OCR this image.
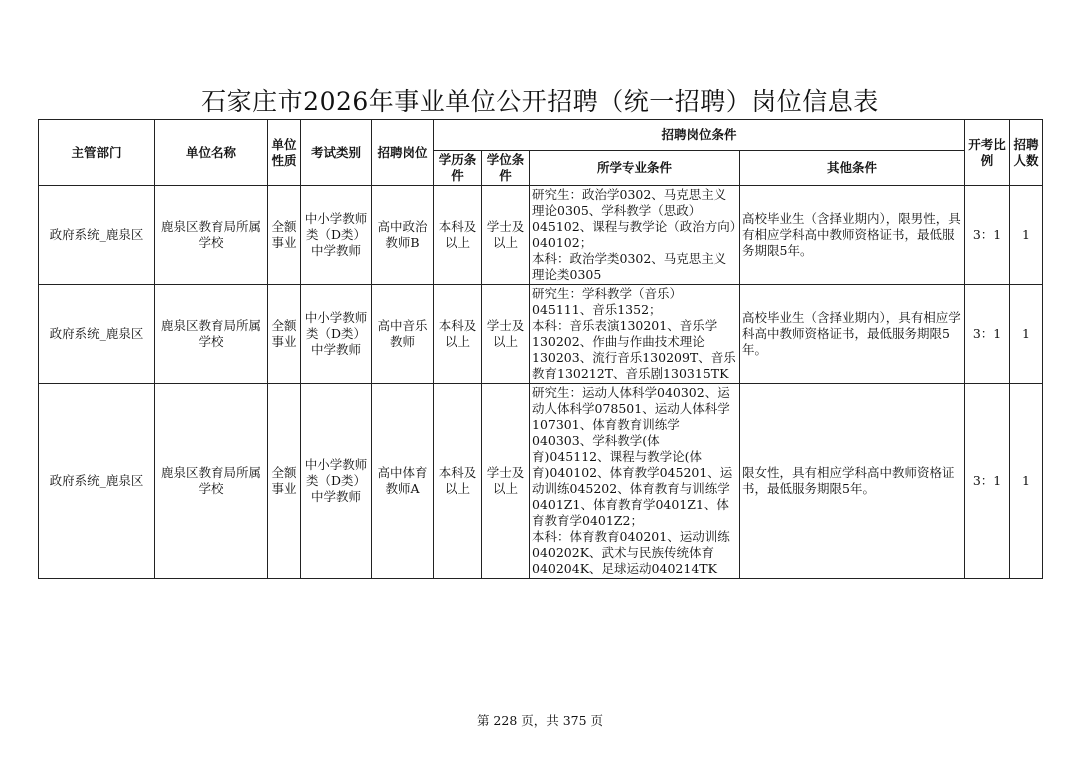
石家庄市2026年事业单位公开招聘（统一招聘）岗位信息表
主管部门	单位名称	单位性质	考试类别	招聘岗位	招聘岗位条件				开考比例	招聘人数
					学历条件	学位条件	所学专业条件	其他条件		
政府系统_鹿泉区	鹿泉区教育局所属学校	全额事业	中小学教师类（D类）中学教师	高中政治教师B	本科及以上	学士及以上	研究生：政治学0302、马克思主义理论0305、学科教学（思政）045102、课程与教学论（政治方向）040102；
本科：政治学类0302、马克思主义理论类0305	高校毕业生（含择业期内），限男性，具有相应学科高中教师资格证书，最低服务期限5年。	3：1	1
政府系统_鹿泉区	鹿泉区教育局所属学校	全额事业	中小学教师类（D类）中学教师	高中音乐教师	本科及以上	学士及以上	研究生：学科教学（音乐）045111、音乐1352；
本科：音乐表演130201、音乐学130202、作曲与作曲技术理论130203、流行音乐130209T、音乐教育130212T、音乐剧130315TK	高校毕业生（含择业期内），具有相应学科高中教师资格证书，最低服务期限5年。	3：1	1
政府系统_鹿泉区	鹿泉区教育局所属学校	全额事业	中小学教师类（D类）中学教师	高中体育教师A	本科及以上	学士及以上	研究生：运动人体科学040302、运动人体科学078501、运动人体科学107301、体育教育训练学040303、学科教学(体育)045112、课程与教学论(体育)040102、体育教学045201、运动训练045202、体育教育与训练学0401Z1、体育教育学0401Z1、体育教育学0401Z2；
本科：体育教育040201、运动训练040202K、武术与民族传统体育040204K、足球运动040214TK	限女性，具有相应学科高中教师资格证书，最低服务期限5年。	3：1	1
第 228 页，共 375 页
